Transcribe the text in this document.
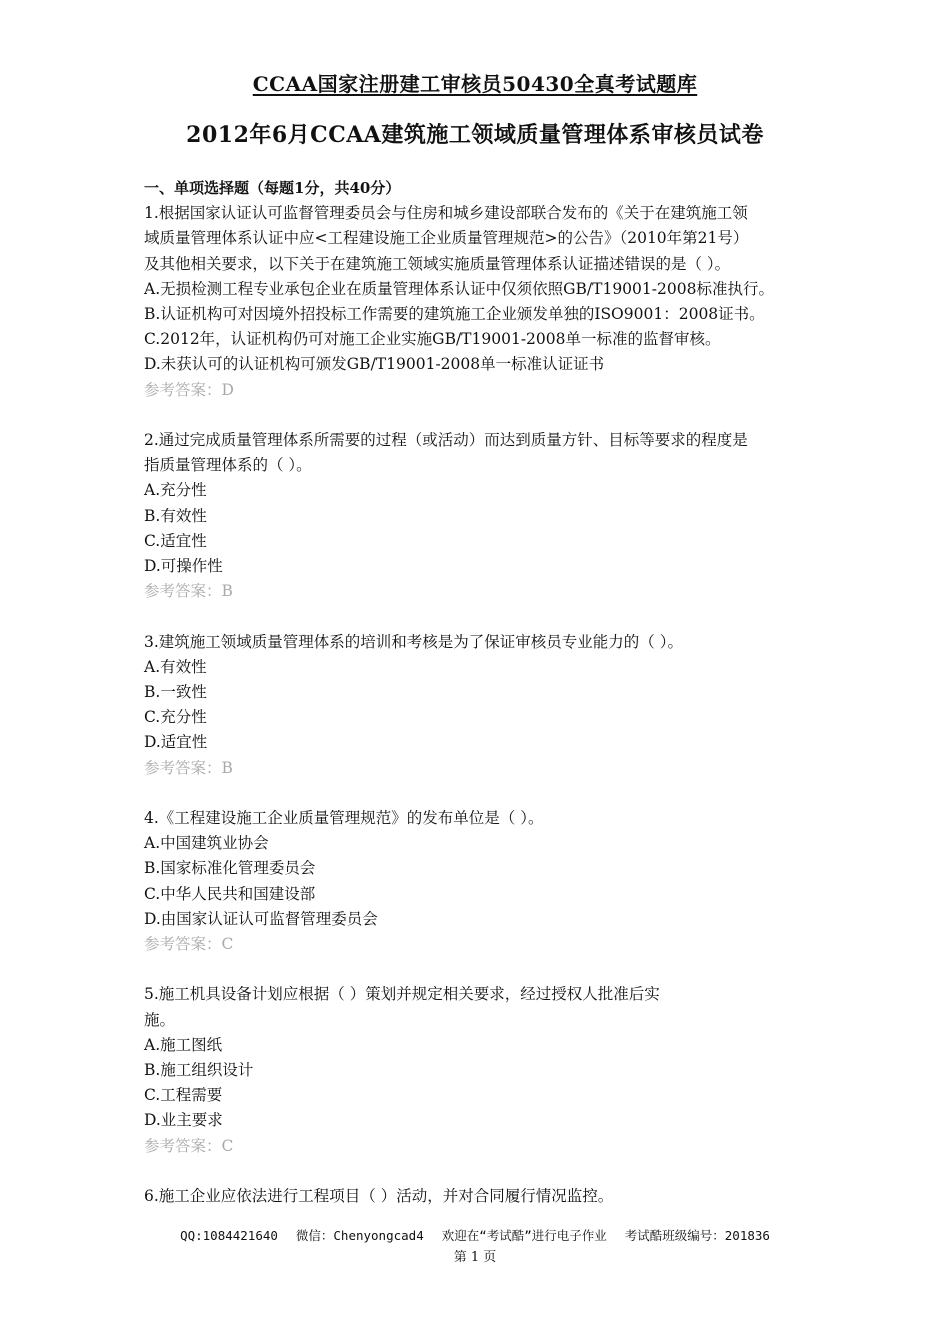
CCAA国家注册建工审核员50430全真考试题库
2012年6月CCAA建筑施工领域质量管理体系审核员试卷
一、单项选择题（每题1分，共40分）
1.根据国家认证认可监督管理委员会与住房和城乡建设部联合发布的《关于在建筑施工领
域质量管理体系认证中应<工程建设施工企业质量管理规范>的公告》（2010年第21号）
及其他相关要求，以下关于在建筑施工领域实施质量管理体系认证描述错误的是（ ）。
A.无损检测工程专业承包企业在质量管理体系认证中仅须依照GB/T19001-2008标准执行。
B.认证机构可对因境外招投标工作需要的建筑施工企业颁发单独的ISO9001：2008证书。
C.2012年，认证机构仍可对施工企业实施GB/T19001-2008单一标准的监督审核。
D.未获认可的认证机构可颁发GB/T19001-2008单一标准认证证书
参考答案：D
2.通过完成质量管理体系所需要的过程（或活动）而达到质量方针、目标等要求的程度是
指质量管理体系的（ ）。
A.充分性
B.有效性
C.适宜性
D.可操作性
参考答案：B
3.建筑施工领域质量管理体系的培训和考核是为了保证审核员专业能力的（ ）。
A.有效性
B.一致性
C.充分性
D.适宜性
参考答案：B
4.《工程建设施工企业质量管理规范》的发布单位是（ ）。
A.中国建筑业协会
B.国家标准化管理委员会
C.中华人民共和国建设部
D.由国家认证认可监督管理委员会
参考答案：C
5.施工机具设备计划应根据（ ）策划并规定相关要求，经过授权人批准后实
施。
A.施工图纸
B.施工组织设计
C.工程需要
D.业主要求
参考答案：C
6.施工企业应依法进行工程项目（ ）活动，并对合同履行情况监控。
QQ:1084421640 微信：Chenyongcad4 欢迎在“考试酷”进行电子作业 考试酷班级编号：201836
第 1 页
